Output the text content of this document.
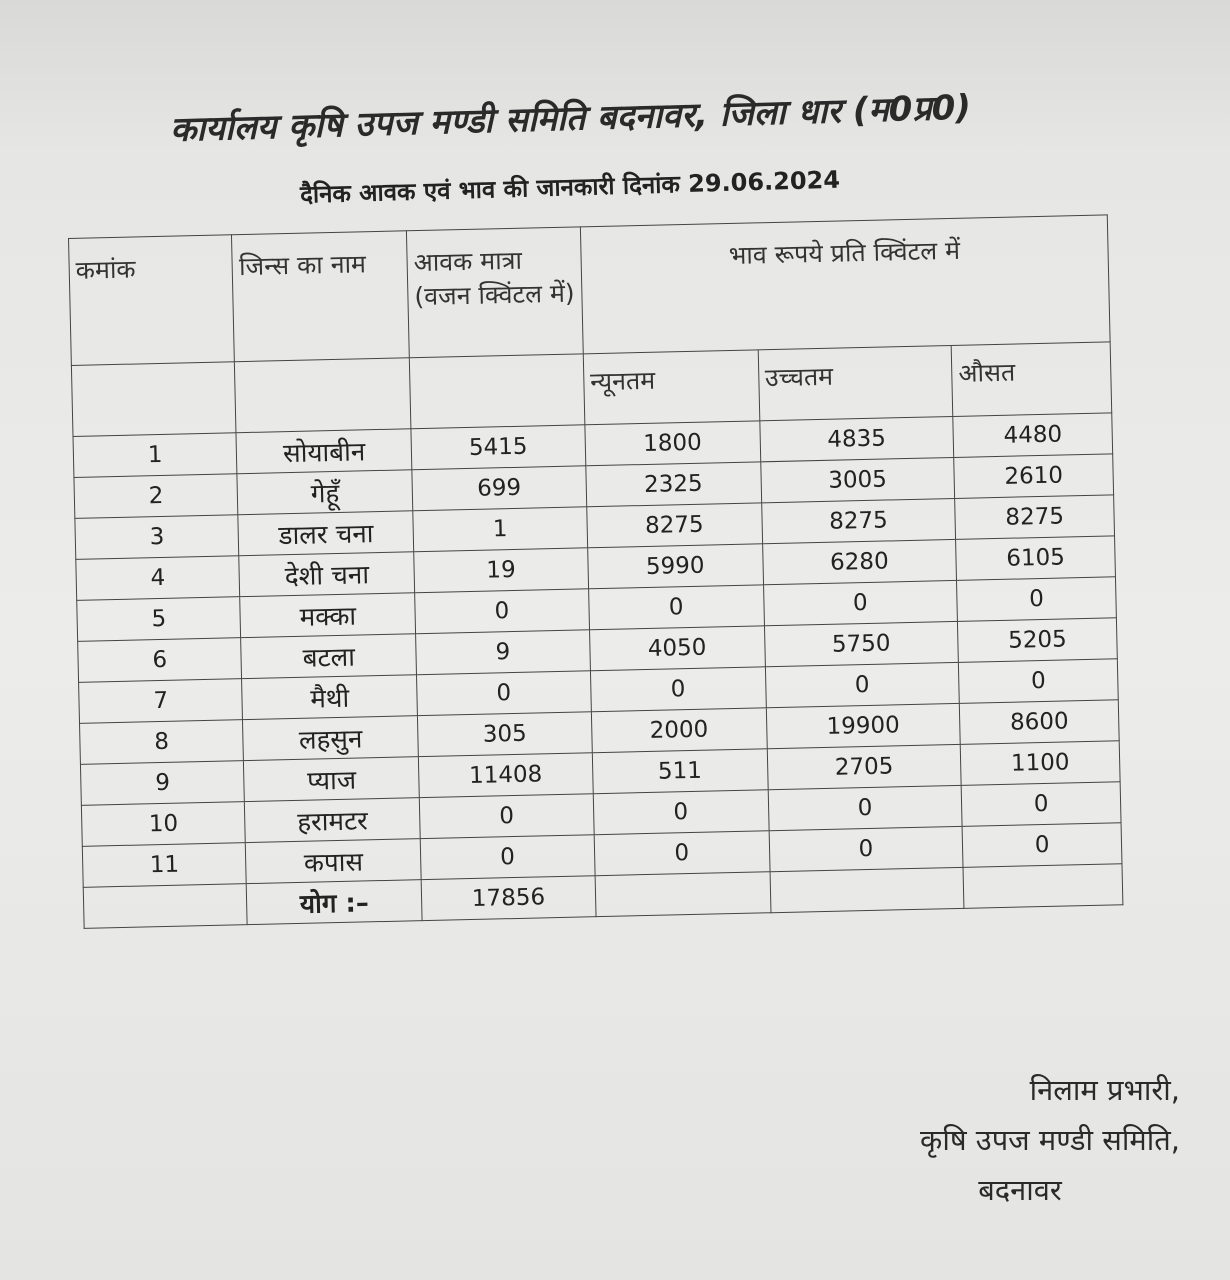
कार्यालय कृषि उपज मण्डी समिति बदनावर, जिला धार (म0प्र0)
दैनिक आवक एवं भाव की जानकारी दिनांक 29.06.2024
कमांक	जिन्स का नाम	आवक मात्रा (वजन क्विंटल में)	भाव रूपये प्रति क्विंटल में		
			न्यूनतम	उच्चतम	औसत
1	सोयाबीन	5415	1800	4835	4480
2	गेहूँ	699	2325	3005	2610
3	डालर चना	1	8275	8275	8275
4	देशी चना	19	5990	6280	6105
5	मक्का	0	0	0	0
6	बटला	9	4050	5750	5205
7	मैथी	0	0	0	0
8	लहसुन	305	2000	19900	8600
9	प्याज	11408	511	2705	1100
10	हरामटर	0	0	0	0
11	कपास	0	0	0	0
	योग :–	17856			
निलाम प्रभारी,
कृषि उपज मण्डी समिति,
बदनावर
